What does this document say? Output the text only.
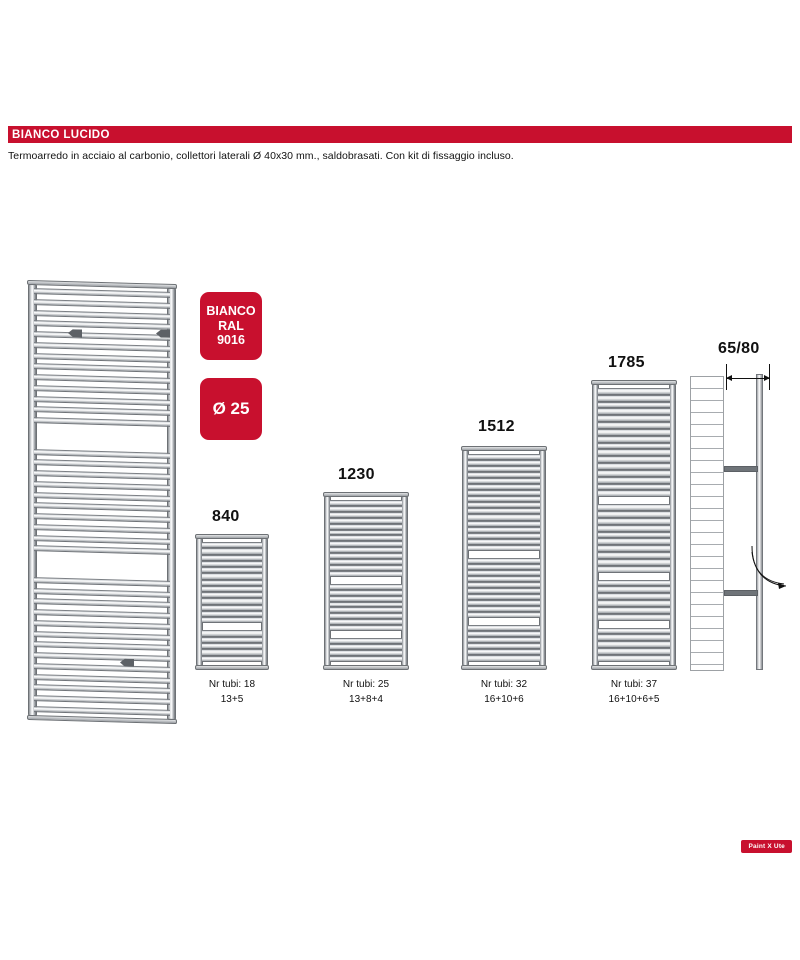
BIANCO LUCIDO
Termoarredo in acciaio al carbonio, collettori laterali Ø 40x30 mm., saldobrasati. Con kit di fissaggio incluso.
BIANCO
RAL
9016
Ø 25
840
Nr tubi: 18
13+5
1230
Nr tubi: 25
13+8+4
1512
Nr tubi: 32
16+10+6
1785
Nr tubi: 37
16+10+6+5
65/80
Paint X Ute
